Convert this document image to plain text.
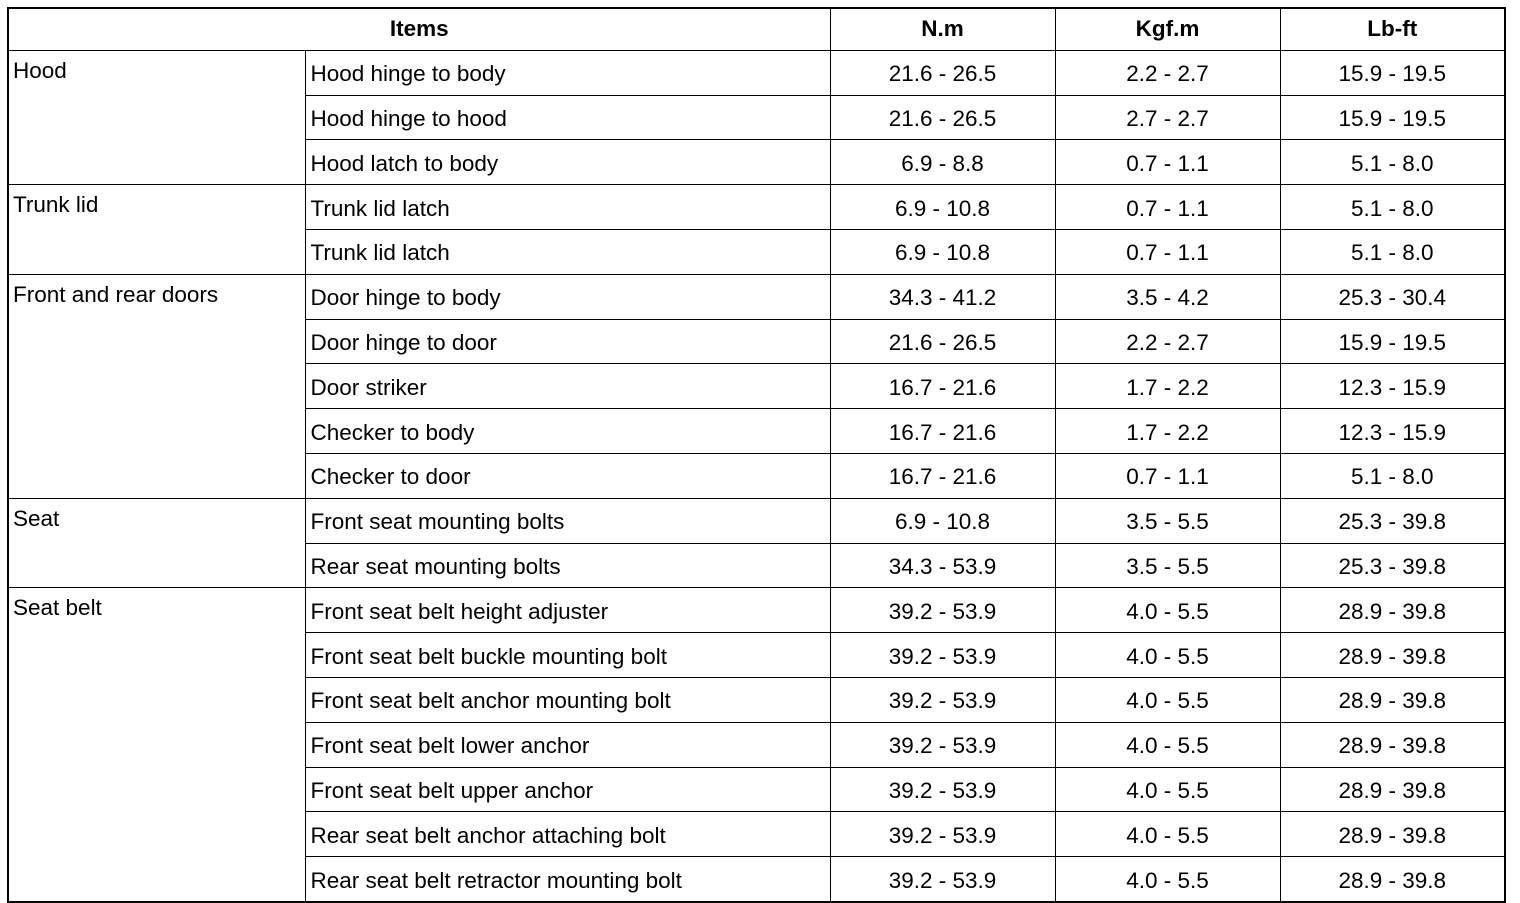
Items		N.m	Kgf.m	Lb-ft
Hood	Hood hinge to body	21.6 - 26.5	2.2 - 2.7	15.9 - 19.5
	Hood hinge to hood	21.6 - 26.5	2.7 - 2.7	15.9 - 19.5
	Hood latch to body	6.9 - 8.8	0.7 - 1.1	5.1 - 8.0
Trunk lid	Trunk lid latch	6.9 - 10.8	0.7 - 1.1	5.1 - 8.0
	Trunk lid latch	6.9 - 10.8	0.7 - 1.1	5.1 - 8.0
Front and rear doors	Door hinge to body	34.3 - 41.2	3.5 - 4.2	25.3 - 30.4
	Door hinge to door	21.6 - 26.5	2.2 - 2.7	15.9 - 19.5
	Door striker	16.7 - 21.6	1.7 - 2.2	12.3 - 15.9
	Checker to body	16.7 - 21.6	1.7 - 2.2	12.3 - 15.9
	Checker to door	16.7 - 21.6	0.7 - 1.1	5.1 - 8.0
Seat	Front seat mounting bolts	6.9 - 10.8	3.5 - 5.5	25.3 - 39.8
	Rear seat mounting bolts	34.3 - 53.9	3.5 - 5.5	25.3 - 39.8
Seat belt	Front seat belt height adjuster	39.2 - 53.9	4.0 - 5.5	28.9 - 39.8
	Front seat belt buckle mounting bolt	39.2 - 53.9	4.0 - 5.5	28.9 - 39.8
	Front seat belt anchor mounting bolt	39.2 - 53.9	4.0 - 5.5	28.9 - 39.8
	Front seat belt lower anchor	39.2 - 53.9	4.0 - 5.5	28.9 - 39.8
	Front seat belt upper anchor	39.2 - 53.9	4.0 - 5.5	28.9 - 39.8
	Rear seat belt anchor attaching bolt	39.2 - 53.9	4.0 - 5.5	28.9 - 39.8
	Rear seat belt retractor mounting bolt	39.2 - 53.9	4.0 - 5.5	28.9 - 39.8
